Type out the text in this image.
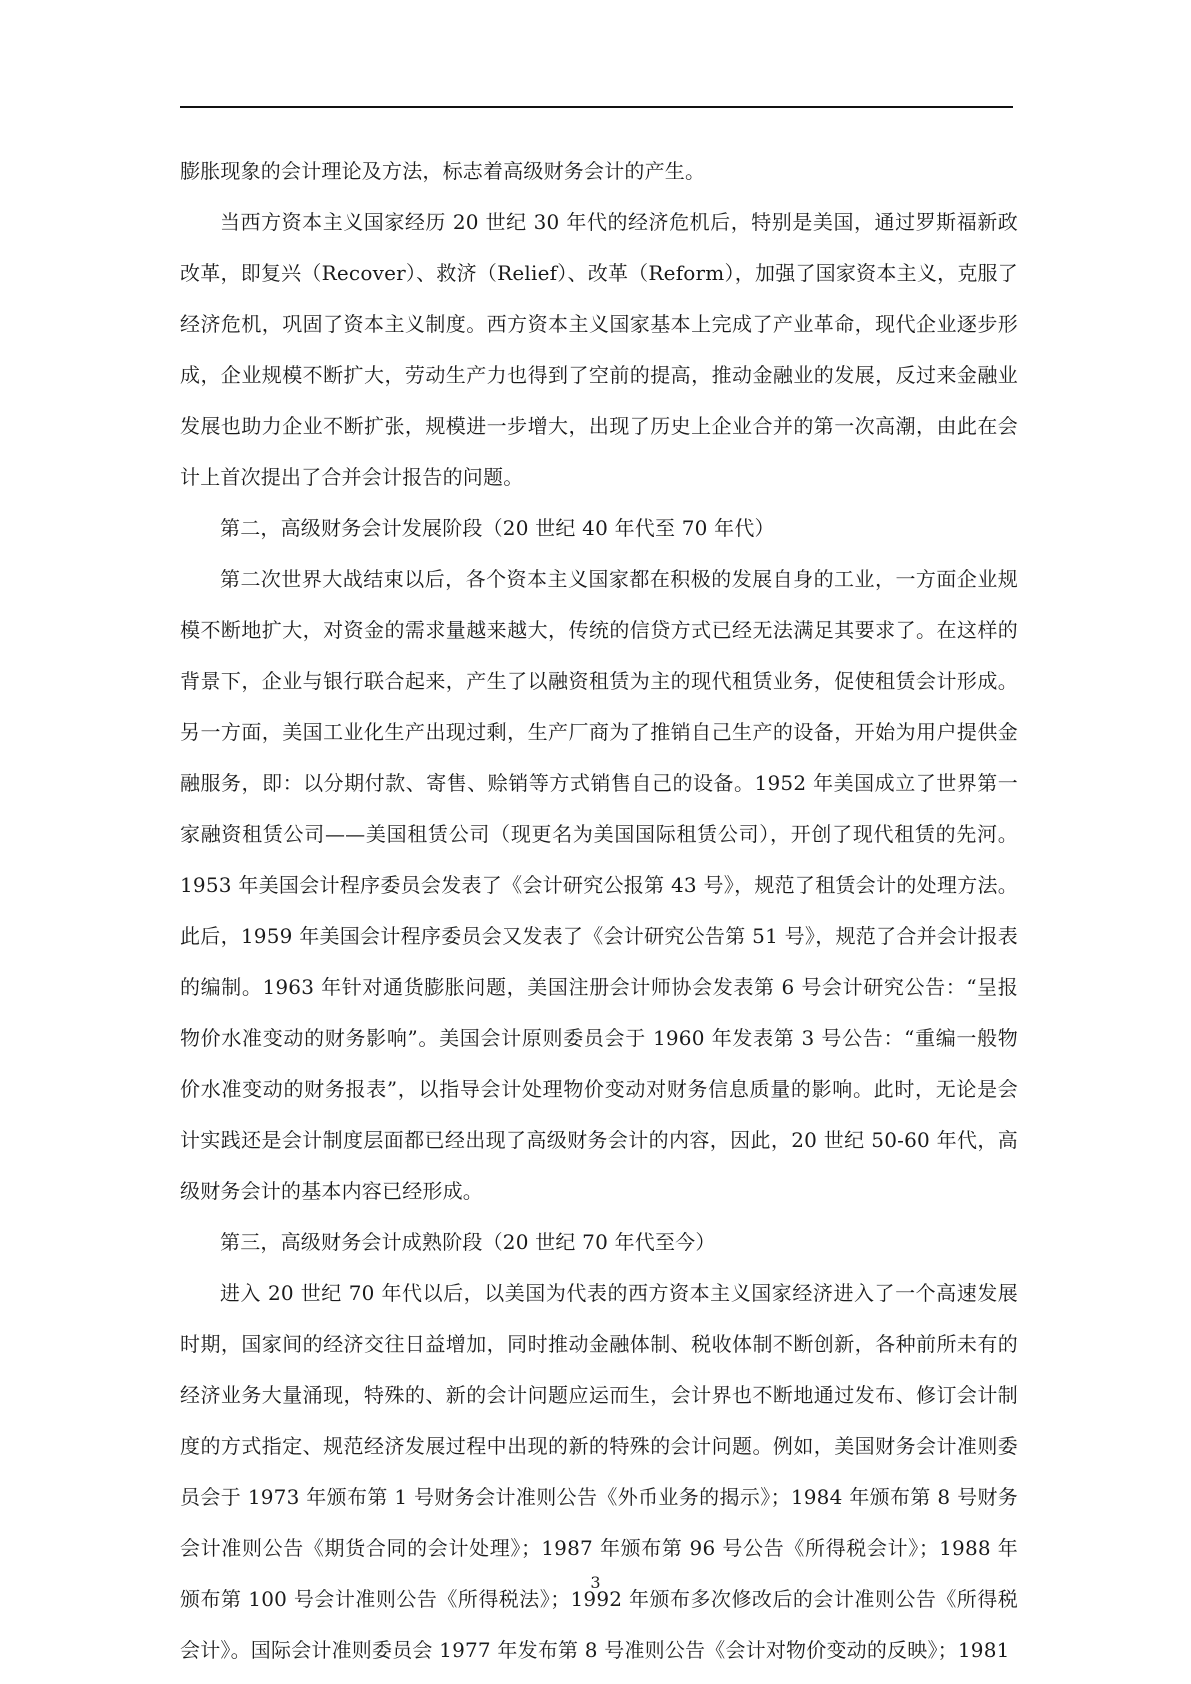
膨胀现象的会计理论及方法，标志着高级财务会计的产生。

当西方资本主义国家经历 20 世纪 30 年代的经济危机后，特别是美国，通过罗斯福新政改革，即复兴（Recover）、救济（Relief）、改革（Reform），加强了国家资本主义，克服了经济危机，巩固了资本主义制度。西方资本主义国家基本上完成了产业革命，现代企业逐步形成，企业规模不断扩大，劳动生产力也得到了空前的提高，推动金融业的发展，反过来金融业发展也助力企业不断扩张，规模进一步增大，出现了历史上企业合并的第一次高潮，由此在会计上首次提出了合并会计报告的问题。

第二，高级财务会计发展阶段（20 世纪 40 年代至 70 年代）

第二次世界大战结束以后，各个资本主义国家都在积极的发展自身的工业，一方面企业规模不断地扩大，对资金的需求量越来越大，传统的信贷方式已经无法满足其要求了。在这样的背景下，企业与银行联合起来，产生了以融资租赁为主的现代租赁业务，促使租赁会计形成。另一方面，美国工业化生产出现过剩，生产厂商为了推销自己生产的设备，开始为用户提供金融服务，即：以分期付款、寄售、赊销等方式销售自己的设备。1952 年美国成立了世界第一家融资租赁公司——美国租赁公司（现更名为美国国际租赁公司），开创了现代租赁的先河。1953 年美国会计程序委员会发表了《会计研究公报第 43 号》，规范了租赁会计的处理方法。此后，1959 年美国会计程序委员会又发表了《会计研究公告第 51 号》，规范了合并会计报表的编制。1963 年针对通货膨胀问题，美国注册会计师协会发表第 6 号会计研究公告：“呈报物价水准变动的财务影响”。美国会计原则委员会于 1960 年发表第 3 号公告：“重编一般物价水准变动的财务报表”，以指导会计处理物价变动对财务信息质量的影响。此时，无论是会计实践还是会计制度层面都已经出现了高级财务会计的内容，因此，20 世纪 50-60 年代，高级财务会计的基本内容已经形成。

第三，高级财务会计成熟阶段（20 世纪 70 年代至今）

进入 20 世纪 70 年代以后，以美国为代表的西方资本主义国家经济进入了一个高速发展时期，国家间的经济交往日益增加，同时推动金融体制、税收体制不断创新，各种前所未有的经济业务大量涌现，特殊的、新的会计问题应运而生，会计界也不断地通过发布、修订会计制度的方式指定、规范经济发展过程中出现的新的特殊的会计问题。例如，美国财务会计准则委员会于 1973 年颁布第 1 号财务会计准则公告《外币业务的揭示》；1984 年颁布第 8 号财务会计准则公告《期货合同的会计处理》；1987 年颁布第 96 号公告《所得税会计》；1988 年颁布第 100 号会计准则公告《所得税法》；1992 年颁布多次修改后的会计准则公告《所得税会计》。国际会计准则委员会 1977 年发布第 8 号准则公告《会计对物价变动的反映》；1981

3
